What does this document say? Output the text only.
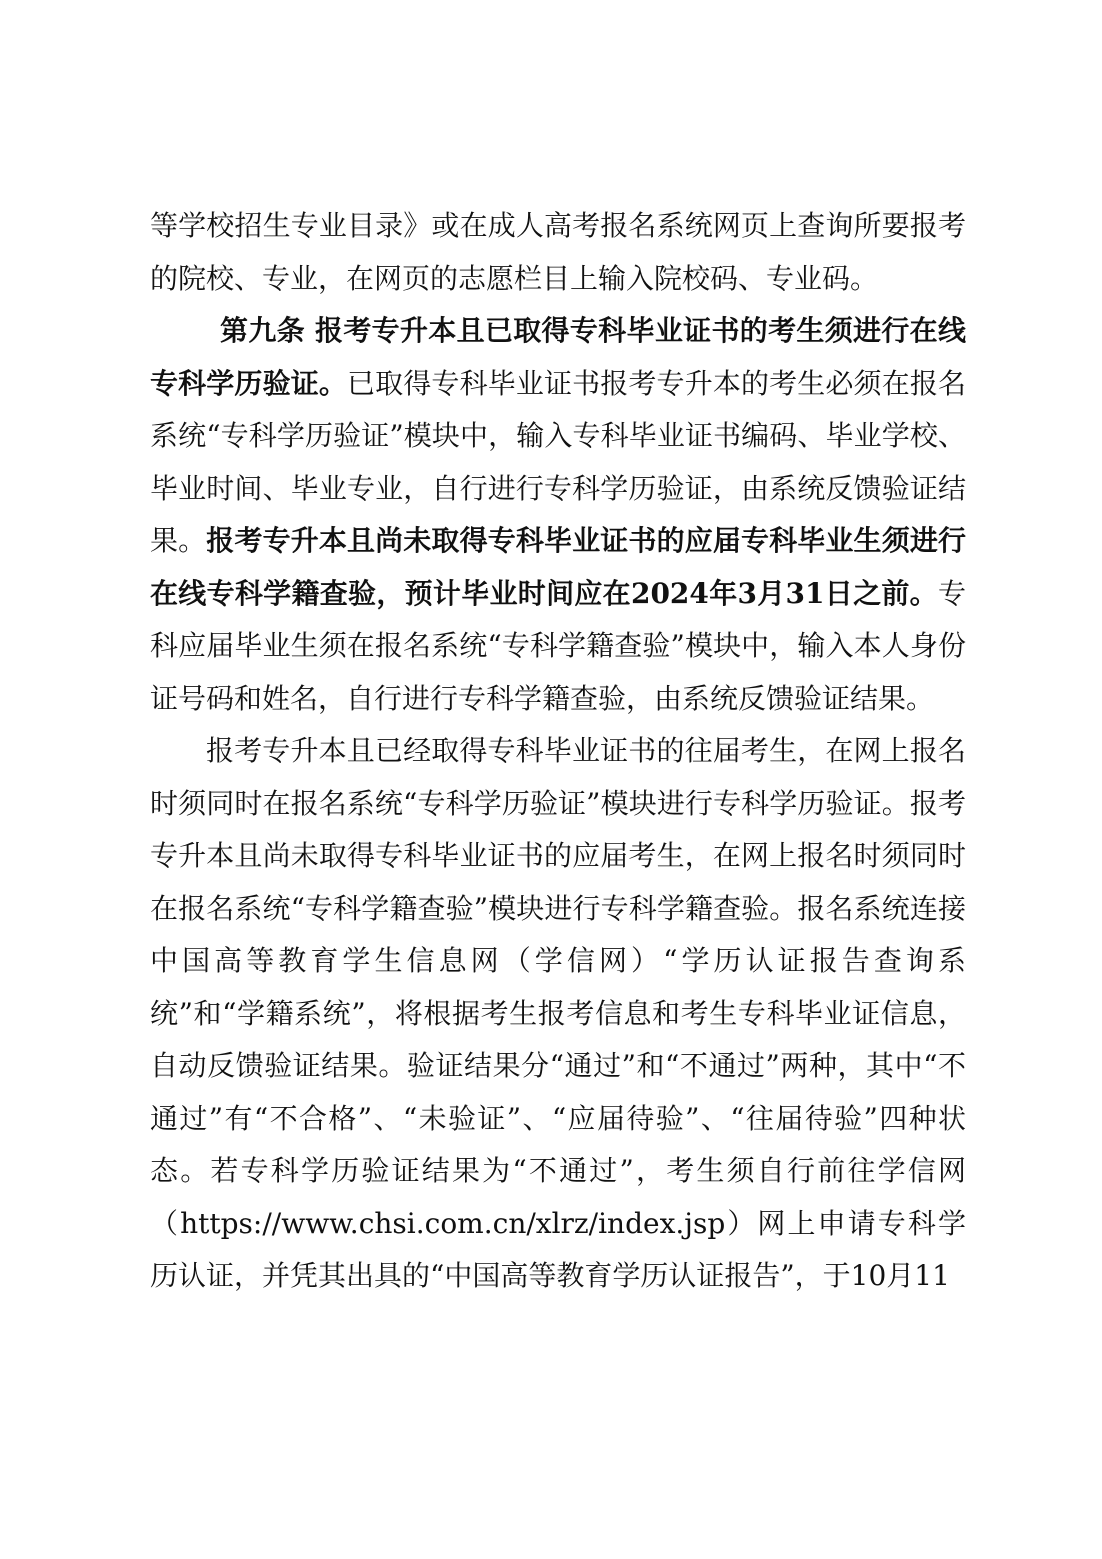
等学校招生专业目录》或在成人高考报名系统网页上查询所要报考的院校、专业，在网页的志愿栏目上输入院校码、专业码。

第九条 报考专升本且已取得专科毕业证书的考生须进行在线专科学历验证。已取得专科毕业证书报考专升本的考生必须在报名系统“专科学历验证”模块中，输入专科毕业证书编码、毕业学校、毕业时间、毕业专业，自行进行专科学历验证，由系统反馈验证结果。报考专升本且尚未取得专科毕业证书的应届专科毕业生须进行在线专科学籍查验，预计毕业时间应在2024年3月31日之前。专科应届毕业生须在报名系统“专科学籍查验”模块中，输入本人身份证号码和姓名，自行进行专科学籍查验，由系统反馈验证结果。

报考专升本且已经取得专科毕业证书的往届考生，在网上报名时须同时在报名系统“专科学历验证”模块进行专科学历验证。报考专升本且尚未取得专科毕业证书的应届考生，在网上报名时须同时在报名系统“专科学籍查验”模块进行专科学籍查验。报名系统连接中国高等教育学生信息网（学信网）“学历认证报告查询系统”和“学籍系统”，将根据考生报考信息和考生专科毕业证信息，自动反馈验证结果。验证结果分“通过”和“不通过”两种，其中“不通过”有“不合格”、“未验证”、“应届待验”、“往届待验”四种状态。若专科学历验证结果为“不通过”，考生须自行前往学信网（https://www.chsi.com.cn/xlrz/index.jsp）网上申请专科学历认证，并凭其出具的“中国高等教育学历认证报告”，于10月11
